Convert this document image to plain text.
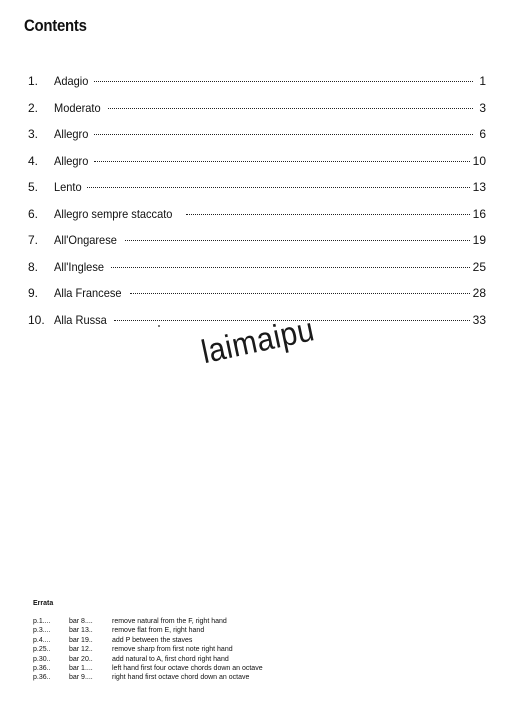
Contents
1.	Adagio	1
2.	Moderato	3
3.	Allegro	6
4.	Allegro	10
5.	Lento	13
6.	Allegro sempre staccato	16
7.	All'Ongarese	19
8.	All'Inglese	25
9.	Alla Francese	28
10. Alla Russa	33
laimaipu
Errata
p.1....	bar 8....	remove natural from the F, right hand
p.3....	bar 13..	remove flat from E, right hand
p.4....	bar 19..	add P between the staves
p.25..	bar 12..	remove sharp from first note right hand
p.30..	bar 20..	add natural to A, first chord right hand
p.36..	bar 1....	left hand first four octave chords down an octave
p.36..	bar 9....	right hand first octave chord down an octave
